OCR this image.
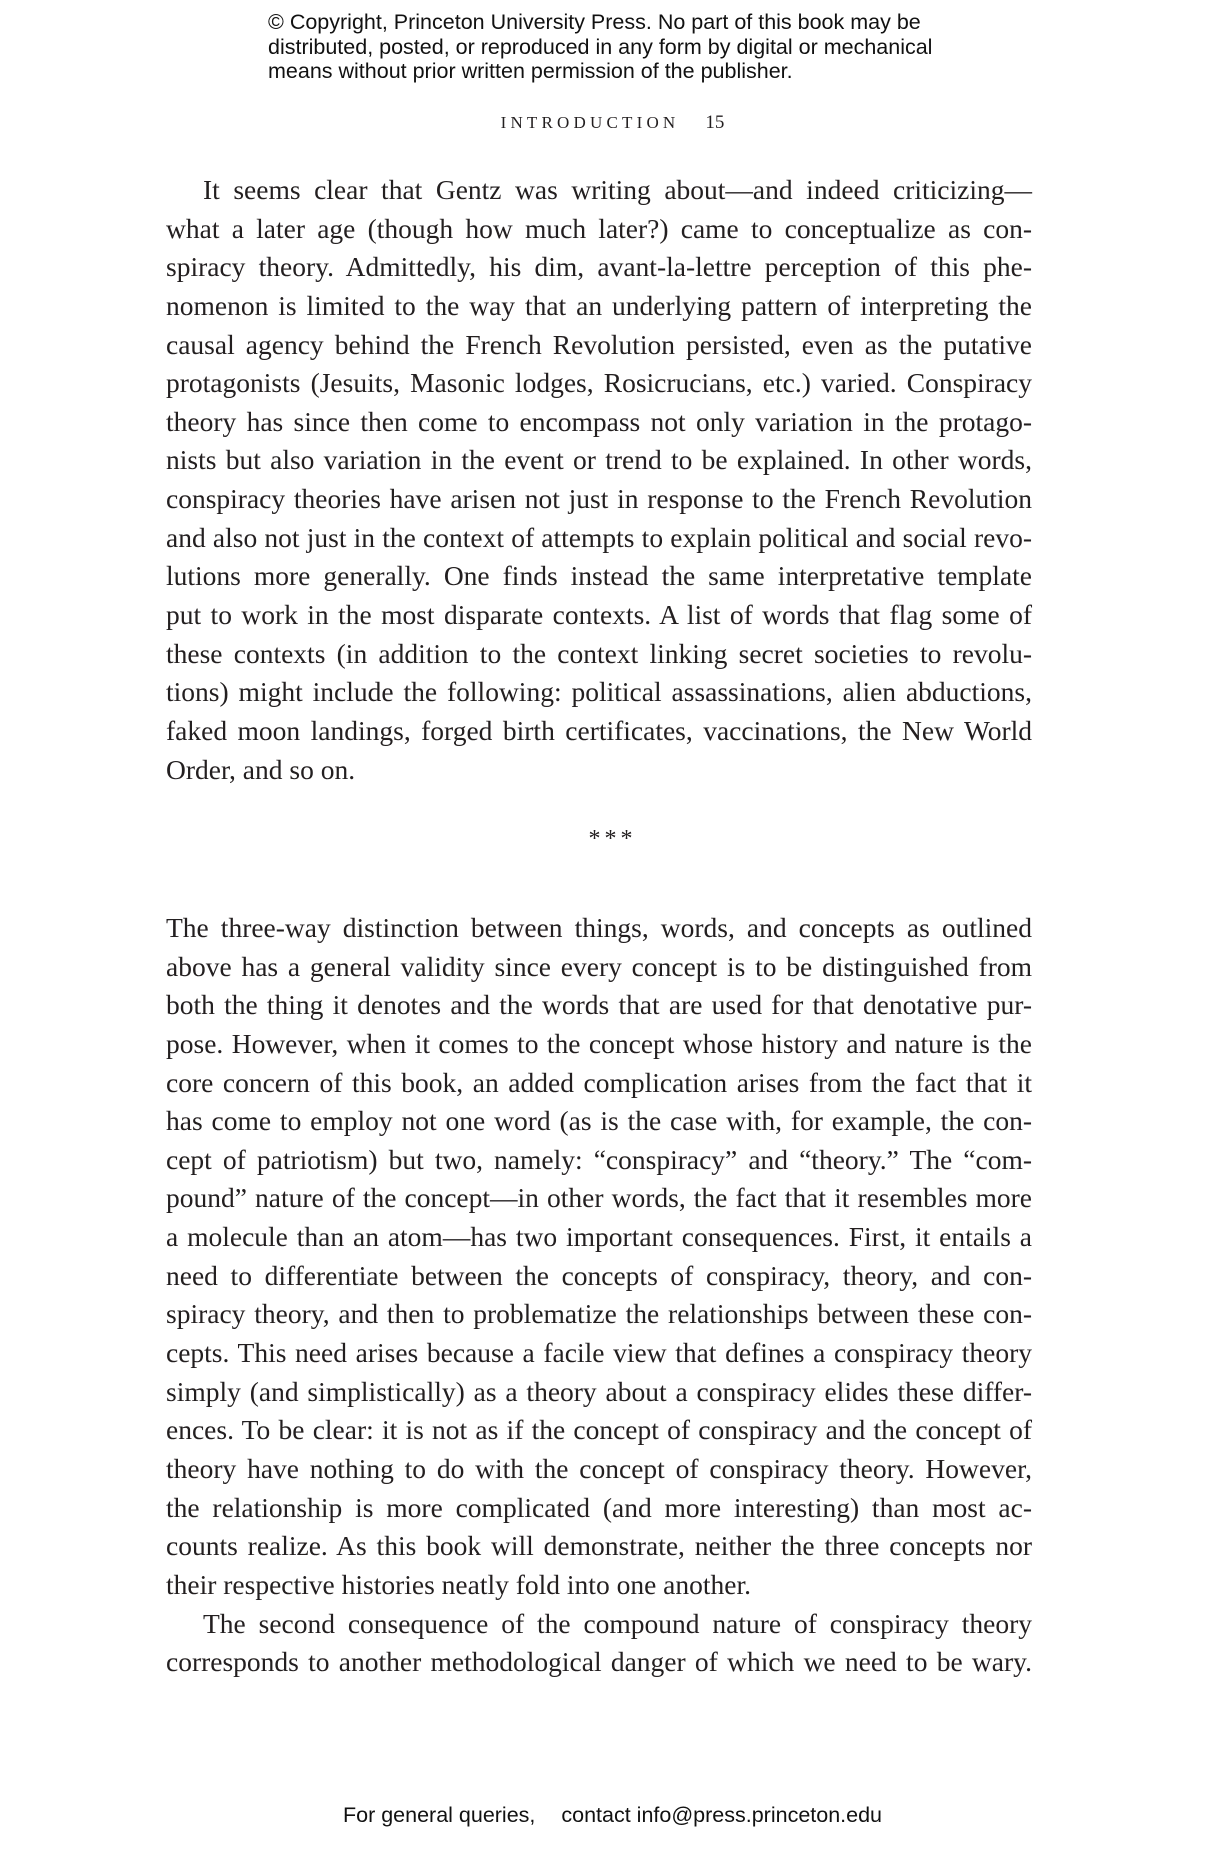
© Copyright, Princeton University Press. No part of this book may be
distributed, posted, or reproduced in any form by digital or mechanical
means without prior written permission of the publisher.
INTRODUCTION 15
It seems clear that Gentz was writing about—and indeed criticizing—
what a later age (though how much later?) came to conceptualize as con-
spiracy theory. Admittedly, his dim, avant-la-lettre perception of this phe-
nomenon is limited to the way that an underlying pattern of interpreting the
causal agency behind the French Revolution persisted, even as the putative
protagonists (Jesuits, Masonic lodges, Rosicrucians, etc.) varied. Conspiracy
theory has since then come to encompass not only variation in the protago-
nists but also variation in the event or trend to be explained. In other words,
conspiracy theories have arisen not just in response to the French Revolution
and also not just in the context of attempts to explain political and social revo-
lutions more generally. One finds instead the same interpretative template
put to work in the most disparate contexts. A list of words that flag some of
these contexts (in addition to the context linking secret societies to revolu-
tions) might include the following: political assassinations, alien abductions,
faked moon landings, forged birth certificates, vaccinations, the New World
Order, and so on.
***
The three-way distinction between things, words, and concepts as outlined
above has a general validity since every concept is to be distinguished from
both the thing it denotes and the words that are used for that denotative pur-
pose. However, when it comes to the concept whose history and nature is the
core concern of this book, an added complication arises from the fact that it
has come to employ not one word (as is the case with, for example, the con-
cept of patriotism) but two, namely: “conspiracy” and “theory.” The “com-
pound” nature of the concept—in other words, the fact that it resembles more
a molecule than an atom—has two important consequences. First, it entails a
need to differentiate between the concepts of conspiracy, theory, and con-
spiracy theory, and then to problematize the relationships between these con-
cepts. This need arises because a facile view that defines a conspiracy theory
simply (and simplistically) as a theory about a conspiracy elides these differ-
ences. To be clear: it is not as if the concept of conspiracy and the concept of
theory have nothing to do with the concept of conspiracy theory. However,
the relationship is more complicated (and more interesting) than most ac-
counts realize. As this book will demonstrate, neither the three concepts nor
their respective histories neatly fold into one another.
The second consequence of the compound nature of conspiracy theory
corresponds to another methodological danger of which we need to be wary.
For general queries, contact info@press.princeton.edu
